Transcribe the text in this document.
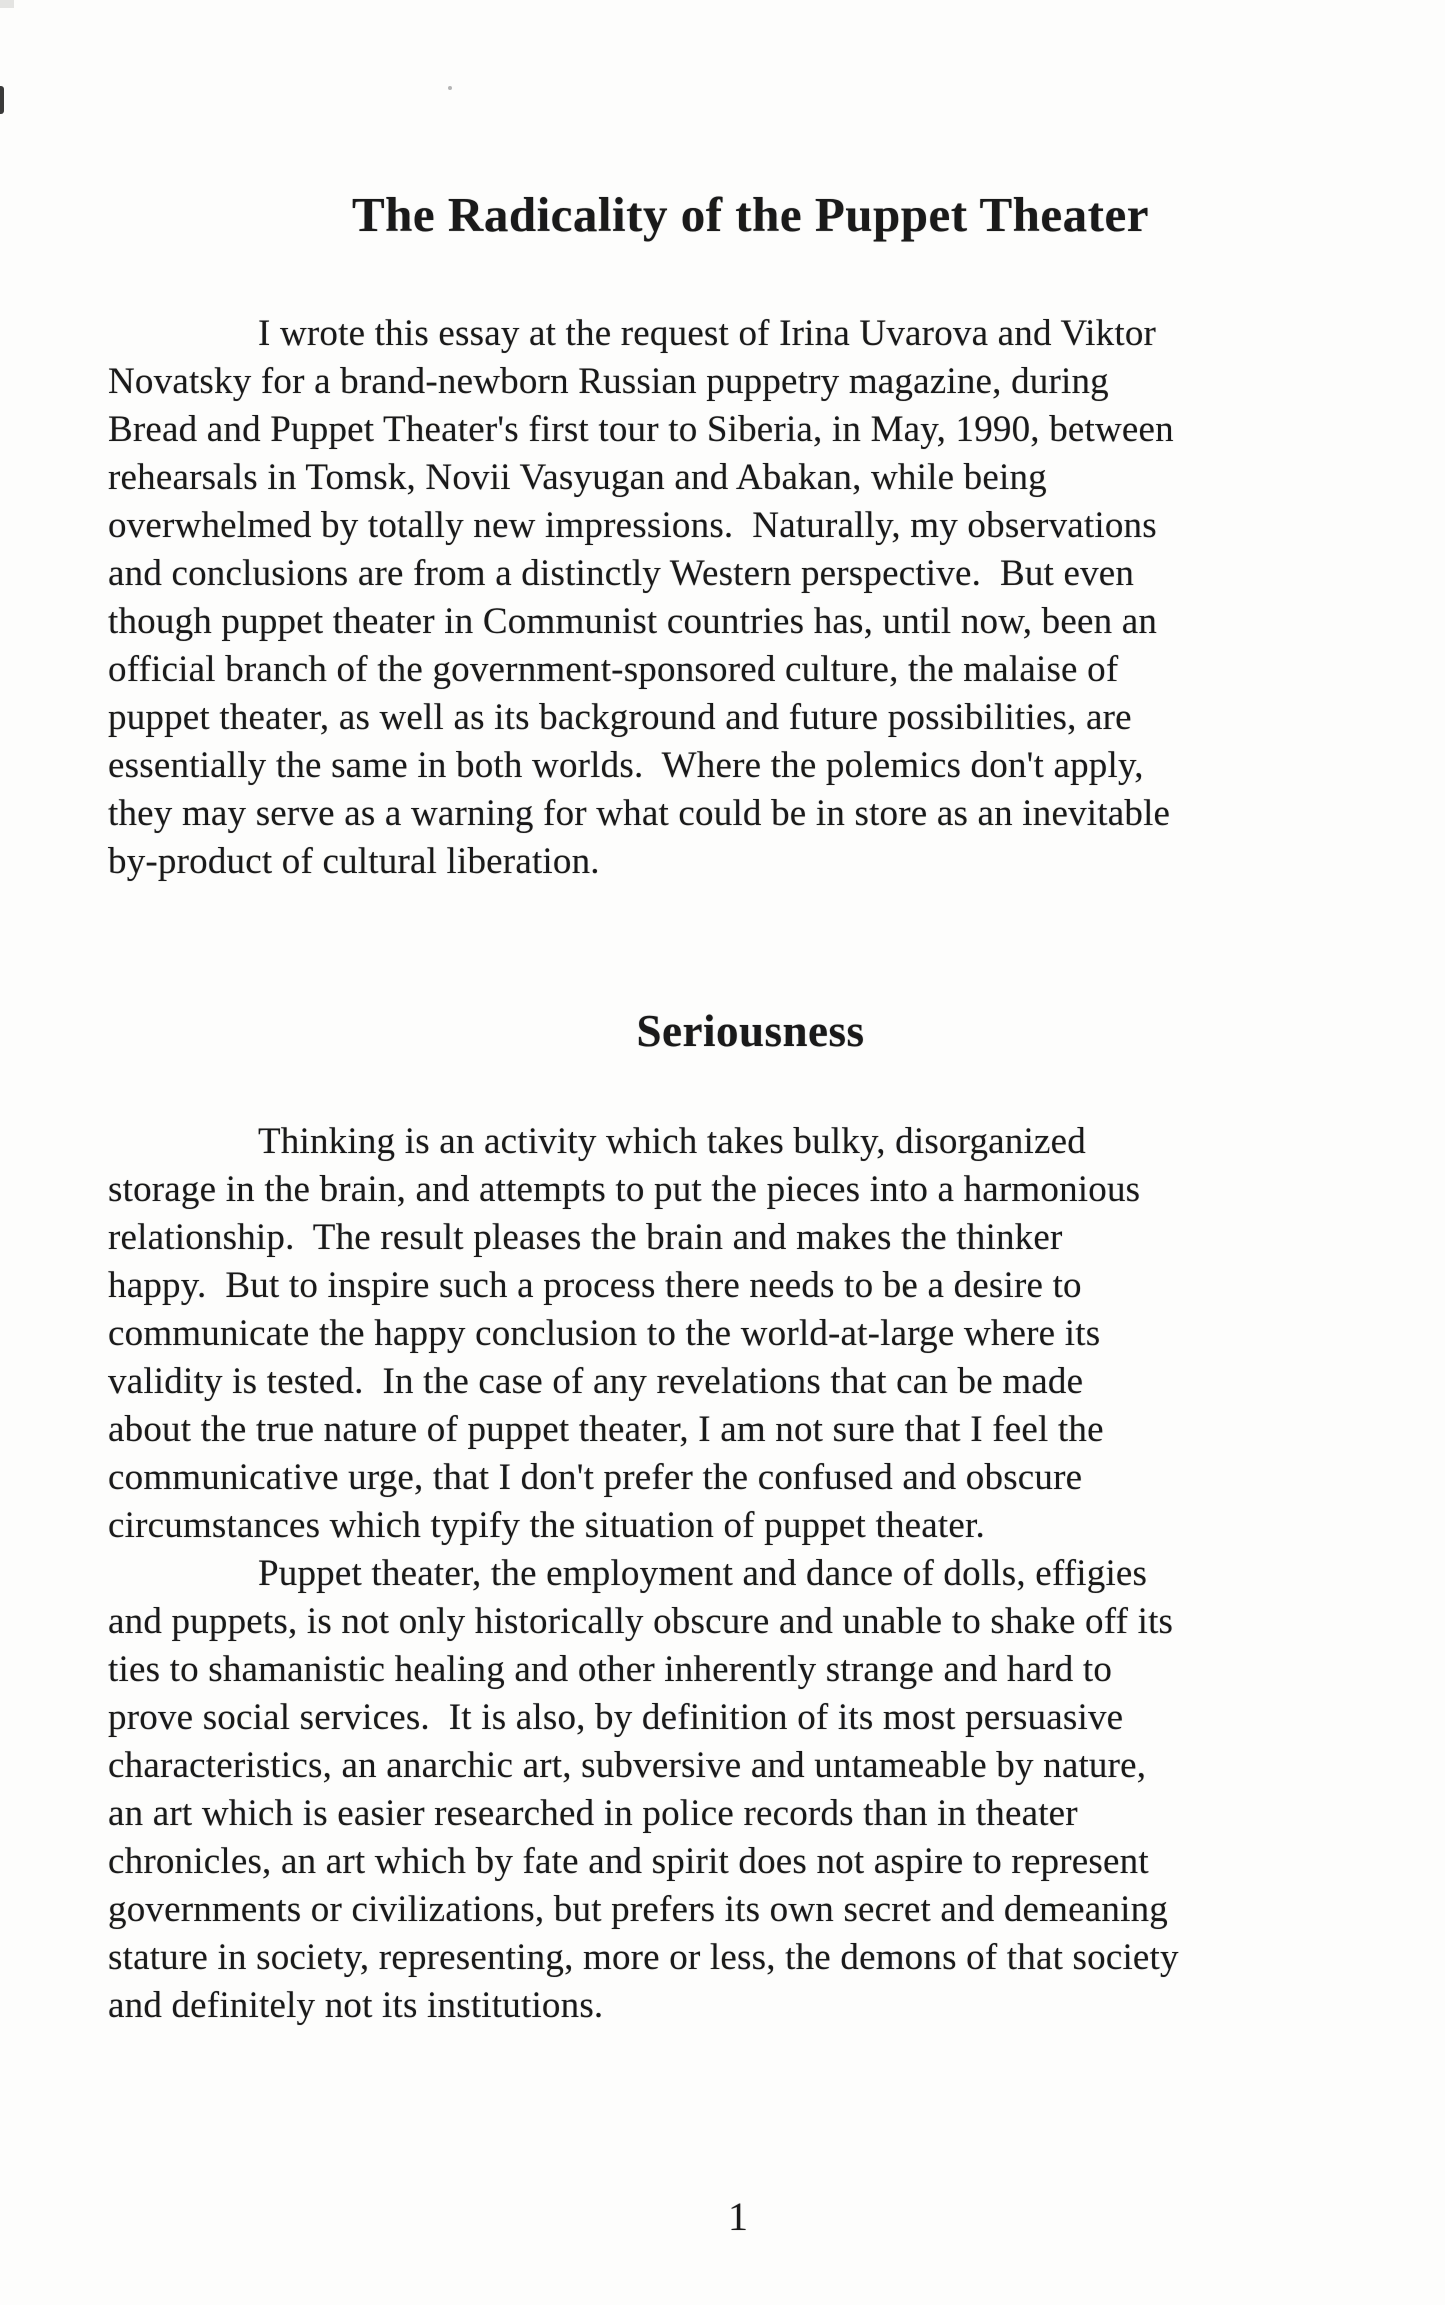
The Radicality of the Puppet Theater
I wrote this essay at the request of Irina Uvarova and Viktor
Novatsky for a brand-newborn Russian puppetry magazine, during
Bread and Puppet Theater's first tour to Siberia, in May, 1990, between
rehearsals in Tomsk, Novii Vasyugan and Abakan, while being
overwhelmed by totally new impressions.  Naturally, my observations
and conclusions are from a distinctly Western perspective.  But even
though puppet theater in Communist countries has, until now, been an
official branch of the government-sponsored culture, the malaise of
puppet theater, as well as its background and future possibilities, are
essentially the same in both worlds.  Where the polemics don't apply,
they may serve as a warning for what could be in store as an inevitable
by-product of cultural liberation.
Seriousness
Thinking is an activity which takes bulky, disorganized
storage in the brain, and attempts to put the pieces into a harmonious
relationship.  The result pleases the brain and makes the thinker
happy.  But to inspire such a process there needs to be a desire to
communicate the happy conclusion to the world-at-large where its
validity is tested.  In the case of any revelations that can be made
about the true nature of puppet theater, I am not sure that I feel the
communicative urge, that I don't prefer the confused and obscure
circumstances which typify the situation of puppet theater.
Puppet theater, the employment and dance of dolls, effigies
and puppets, is not only historically obscure and unable to shake off its
ties to shamanistic healing and other inherently strange and hard to
prove social services.  It is also, by definition of its most persuasive
characteristics, an anarchic art, subversive and untameable by nature,
an art which is easier researched in police records than in theater
chronicles, an art which by fate and spirit does not aspire to represent
governments or civilizations, but prefers its own secret and demeaning
stature in society, representing, more or less, the demons of that society
and definitely not its institutions.
1
